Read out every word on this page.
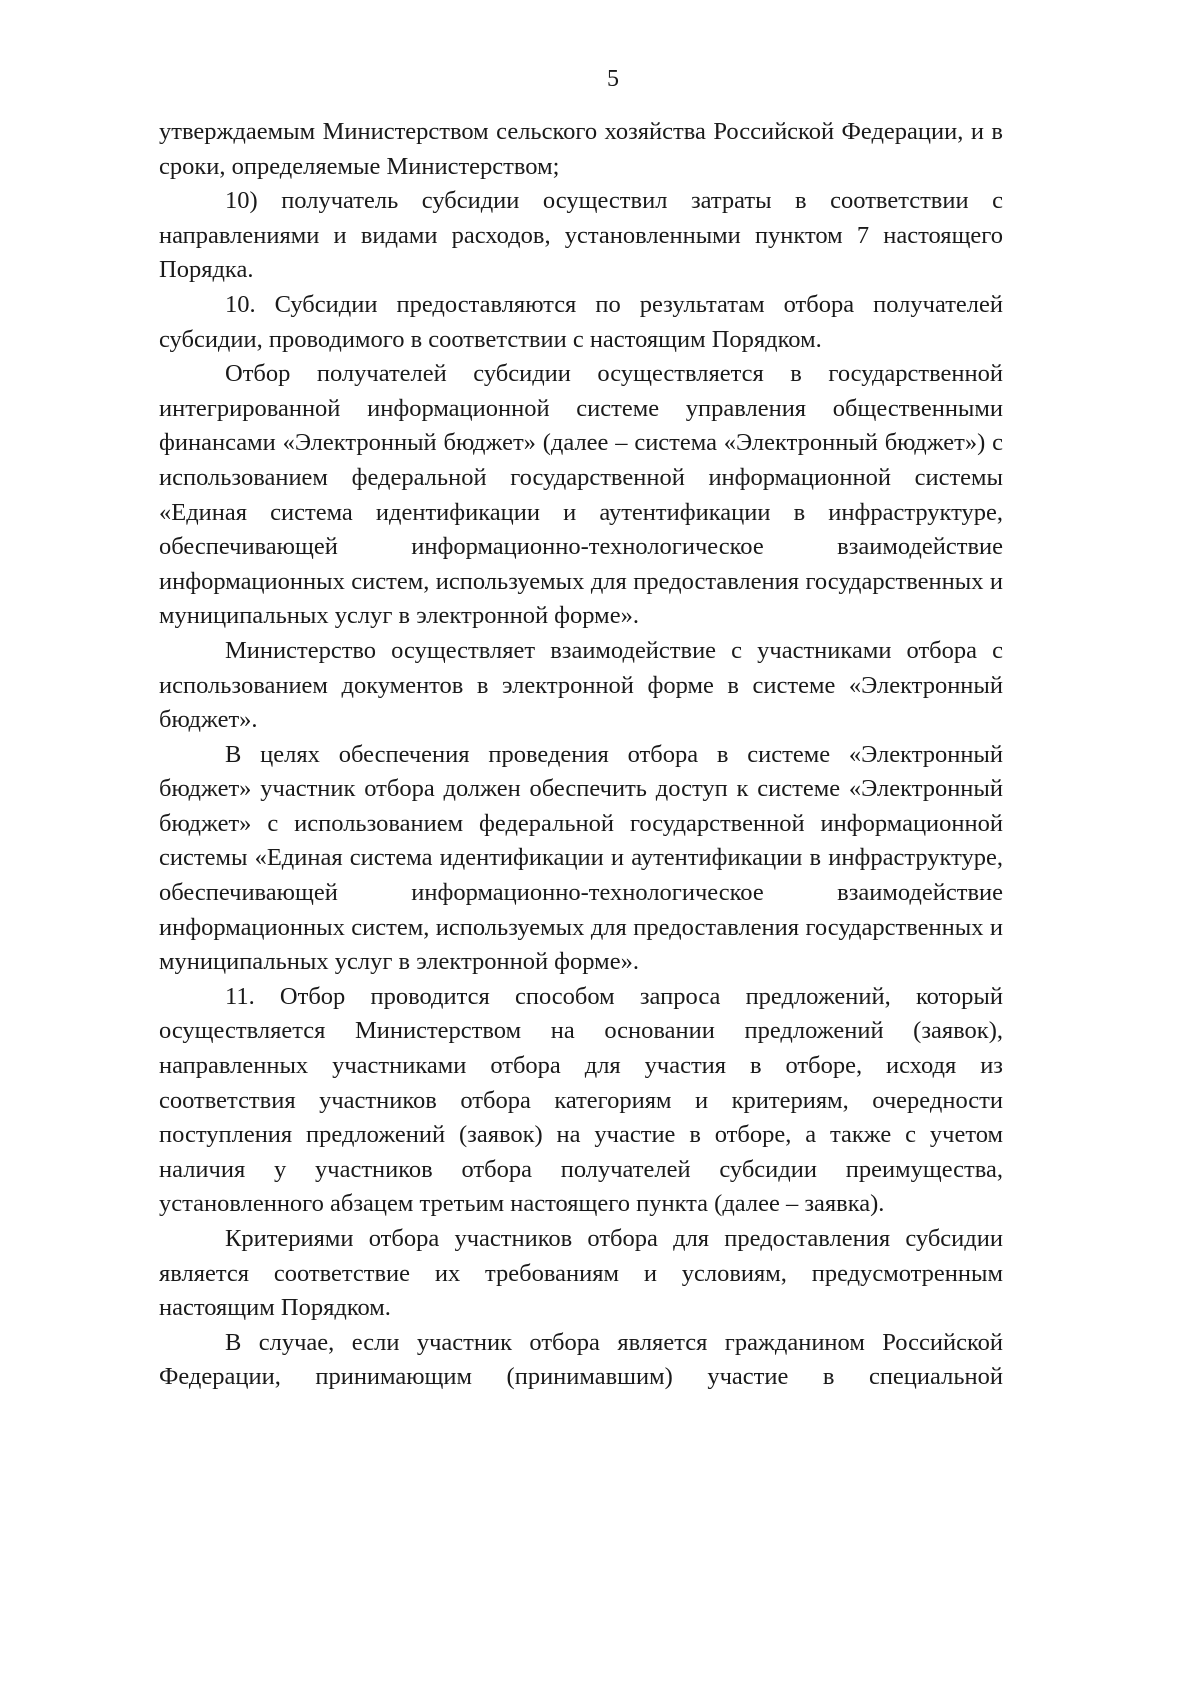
5

утверждаемым Министерством сельского хозяйства Российской Федерации, и в сроки, определяемые Министерством;

10) получатель субсидии осуществил затраты в соответствии с направлениями и видами расходов, установленными пунктом 7 настоящего Порядка.

10. Субсидии предоставляются по результатам отбора получателей субсидии, проводимого в соответствии с настоящим Порядком.

Отбор получателей субсидии осуществляется в государственной интегрированной информационной системе управления общественными финансами «Электронный бюджет» (далее – система «Электронный бюджет») с использованием федеральной государственной информационной системы «Единая система идентификации и аутентификации в инфраструктуре, обеспечивающей информационно-технологическое взаимодействие информационных систем, используемых для предоставления государственных и муниципальных услуг в электронной форме».

Министерство осуществляет взаимодействие с участниками отбора с использованием документов в электронной форме в системе «Электронный бюджет».

В целях обеспечения проведения отбора в системе «Электронный бюджет» участник отбора должен обеспечить доступ к системе «Электронный бюджет» с использованием федеральной государственной информационной системы «Единая система идентификации и аутентификации в инфраструктуре, обеспечивающей информационно-технологическое взаимодействие информационных систем, используемых для предоставления государственных и муниципальных услуг в электронной форме».

11. Отбор проводится способом запроса предложений, который осуществляется Министерством на основании предложений (заявок), направленных участниками отбора для участия в отборе, исходя из соответствия участников отбора категориям и критериям, очередности поступления предложений (заявок) на участие в отборе, а также с учетом наличия у участников отбора получателей субсидии преимущества, установленного абзацем третьим настоящего пункта (далее – заявка).

Критериями отбора участников отбора для предоставления субсидии является соответствие их требованиям и условиям, предусмотренным настоящим Порядком.

В случае, если участник отбора является гражданином Российской Федерации, принимающим (принимавшим) участие в специальной
